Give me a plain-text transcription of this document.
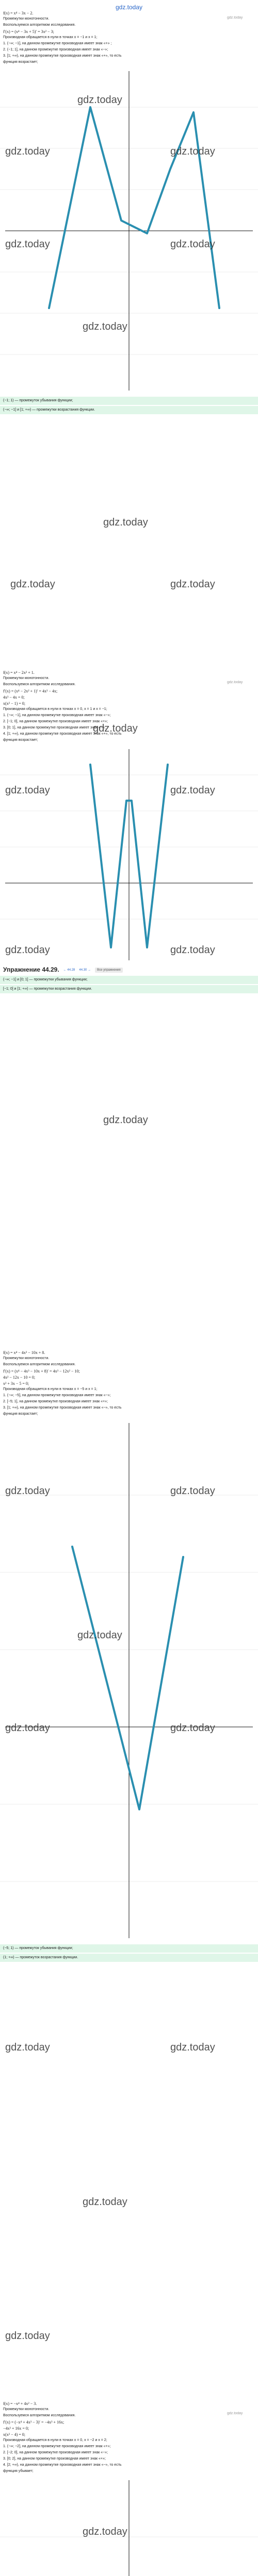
gdz.today
f(x) = x⁴ − 3x − 2.
Промежутки монотонности.
Воспользуемся алгоритмом исследования.
f′(x) = (x⁴ − 3x + 5)′ = 3x² − 3;
Производная обращается в нули в точках x = −1 и x = 1;
1. (−∞; −1], на данном промежутке производная имеет знак «+» ;
2. (−1; 1], на данном промежутке производная имеет знак «−»;
3. [1; +∞), на данном промежутке производная имеет знак «+», то есть
функция возрастает;
(−1; 1) — промежуток убывания функции;
(−∞; −1] и [1; +∞) — промежутки возрастания функции.
f(x) = x⁴ − 2x² + 1.
Промежутки монотонности.
Воспользуемся алгоритмом исследования.
f′(x) = (x⁴ − 2x² + 1)′ = 4x³ − 4x;
4x³ − 4x = 0;
x(x² − 1) = 0;
Производная обращается в нули в точках x = 0, x = 1 и x = −1;
1. (−∞; −1], на данном промежутке производная имеет знак «−»;
2. [−1; 0], на данном промежутке производная имеет знак «+»;
3. [0; 1], на данном промежутке производная имеет знак «−»;
4. [1; +∞), на данном промежутке производная имеет знак «+», то есть
функция возрастает;
Упражнение 44.29. ← 44.28 44.30 →	Все упражнения
(−∞; −1] и [0; 1] — промежутки убывания функции;
[−1; 0] и [1; +∞) — промежутки возрастания функции.
f(x) = x⁴ − 4x³ − 10x + 8.
Промежутки монотонности.
Воспользуемся алгоритмом исследования.
f′(x) = (x⁴ − 4x³ − 10x + 8)′ = 4x³ − 12x² − 10;
4x² − 12x − 10 = 0;
x² + 3x − 5 = 0;
Производная обращается в нули в точках x = −5 и x = 1;
1. (−∞; −5], на данном промежутке производная имеет знак «−»;
2. [−5; 1], на данном промежутке производная имеет знак «+»;
3. [1; +∞), на данном промежутке производная имеет знак «−», то есть
функция возрастает;
(−5; 1) — промежуток убывания функции;
(1; +∞) — промежуток возрастания функции.
f(x) = −x⁴ + 4x² − 3.
Промежутки монотонности.
Воспользуемся алгоритмом исследования.
f′(x) = (−x⁴ + 4x³ − 3)′ = −4x³ + 16x;
−4x³ + 16x = 0;
x(x² − 4) = 0;
Производная обращается в нули в точках x = 0, x = −2 и x = 2;
1. (−∞; −2], на данном промежутке производная имеет знак «+»;
2. [−2; 0], на данном промежутке производная имеет знак «−»;
3. [0; 2], на данном промежутке производная имеет знак «+»;
4. [2; +∞), на данном промежутке производная имеет знак «−», то есть
функция убывает;
gdz.today
gdz.today	gdz.today
gdz.today	gdz.today
gdz.today
gdz.today
gdz.today	gdz.today
gdz.today
gdz.today	gdz.today
gdz.today	gdz.today
gdz.today
gdz.today	gdz.today
gdz.today
gdz.today	gdz.today
gdz.today	gdz.today
gdz.today
gdz.today
gdz.today
gdz.today
gdz.today
gdz.today
